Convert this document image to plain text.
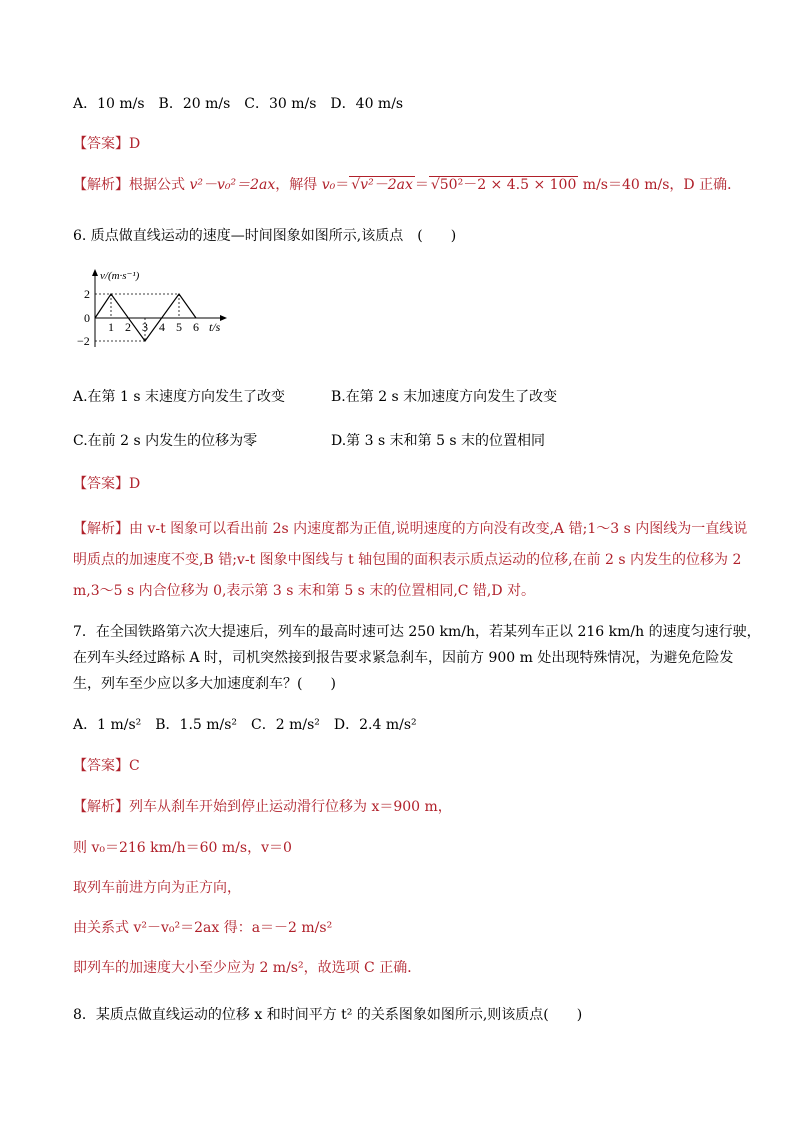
A．10 m/s　B．20 m/s　C．30 m/s　D．40 m/s
【答案】D
【解析】根据公式 v²－v₀²＝2ax，解得 v₀＝ √v²－2ax ＝ √50²－2 × 4.5 × 100 m/s＝40 m/s，D 正确．
6. 质点做直线运动的速度—时间图象如图所示,该质点　(　　)
v/(m·s⁻¹)
2
0
−2
1 2 3 4 5 6 t/s
A.在第 1 s 末速度方向发生了改变	B.在第 2 s 末加速度方向发生了改变
C.在前 2 s 内发生的位移为零	D.第 3 s 末和第 5 s 末的位置相同
【答案】D
【解析】由 v-t 图象可以看出前 2s 内速度都为正值,说明速度的方向没有改变,A 错;1～3 s 内图线为一直线说
明质点的加速度不变,B 错;v-t 图象中图线与 t 轴包围的面积表示质点运动的位移,在前 2 s 内发生的位移为 2
m,3～5 s 内合位移为 0,表示第 3 s 末和第 5 s 末的位置相同,C 错,D 对。
7．在全国铁路第六次大提速后，列车的最高时速可达 250 km/h，若某列车正以 216 km/h 的速度匀速行驶，
在列车头经过路标 A 时，司机突然接到报告要求紧急刹车，因前方 900 m 处出现特殊情况，为避免危险发
生，列车至少应以多大加速度刹车？(　　)
A．1 m/s²　B．1.5 m/s²　C．2 m/s²　D．2.4 m/s²
【答案】C
【解析】列车从刹车开始到停止运动滑行位移为 x＝900 m，
则 v₀＝216 km/h＝60 m/s，v＝0
取列车前进方向为正方向，
由关系式 v²－v₀²＝2ax 得：a＝－2 m/s²
即列车的加速度大小至少应为 2 m/s²，故选项 C 正确．
8．某质点做直线运动的位移 x 和时间平方 t² 的关系图象如图所示,则该质点(　　)
